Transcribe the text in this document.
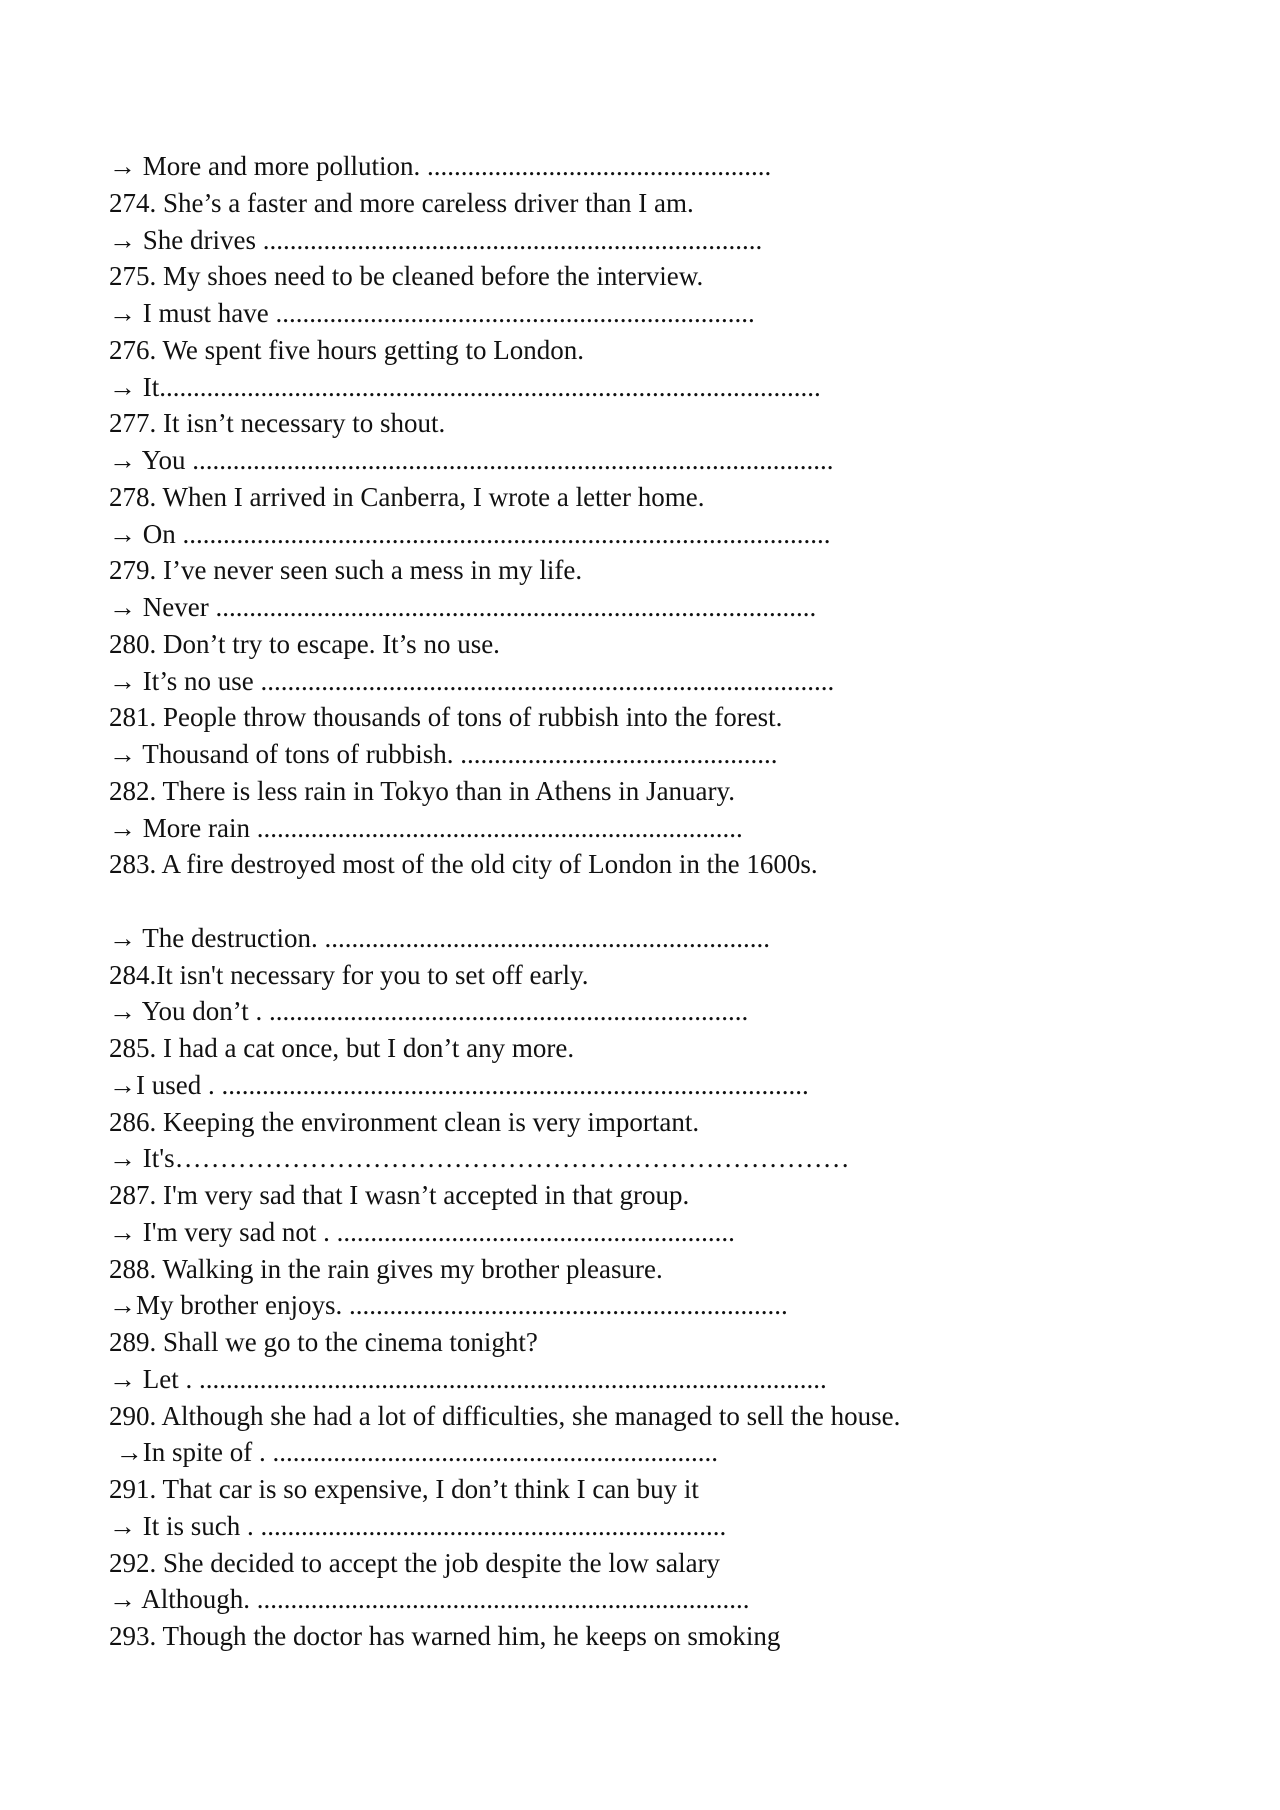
→ More and more pollution. ...................................................

274. She’s a faster and more careless driver than I am.

→ She drives ..........................................................................

275. My shoes need to be cleaned before the interview.

→ I must have .......................................................................

276. We spent five hours getting to London.

→ It..................................................................................................

277. It isn’t necessary to shout.

→ You ...............................................................................................

278. When I arrived in Canberra, I wrote a letter home.

→ On ................................................................................................

279. I’ve never seen such a mess in my life.

→ Never .........................................................................................

280. Don’t try to escape. It’s no use.

→ It’s no use .....................................................................................

281. People throw thousands of tons of rubbish into the forest.

→ Thousand of tons of rubbish. ...............................................

282. There is less rain in Tokyo than in Athens in January.

→ More rain ........................................................................

283. A fire destroyed most of the old city of London in the 1600s.

→ The destruction. ..................................................................

284.It isn't necessary for you to set off early.

→ You don’t . .......................................................................

285. I had a cat once, but I don’t any more.

→I used . .......................................................................................

286. Keeping the environment clean is very important.

→ It's…………………………………………………………………

287. I'm very sad that I wasn’t accepted in that group.

→ I'm very sad not . ...........................................................

288. Walking in the rain gives my brother pleasure.

→My brother enjoys. .................................................................

289. Shall we go to the cinema tonight?

→ Let . .............................................................................................

290. Although she had a lot of difficulties, she managed to sell the house.

→In spite of . ..................................................................

291. That car is so expensive, I don’t think I can buy it

→ It is such . .....................................................................

292. She decided to accept the job despite the low salary

→ Although. .........................................................................

293. Though the doctor has warned him, he keeps on smoking
